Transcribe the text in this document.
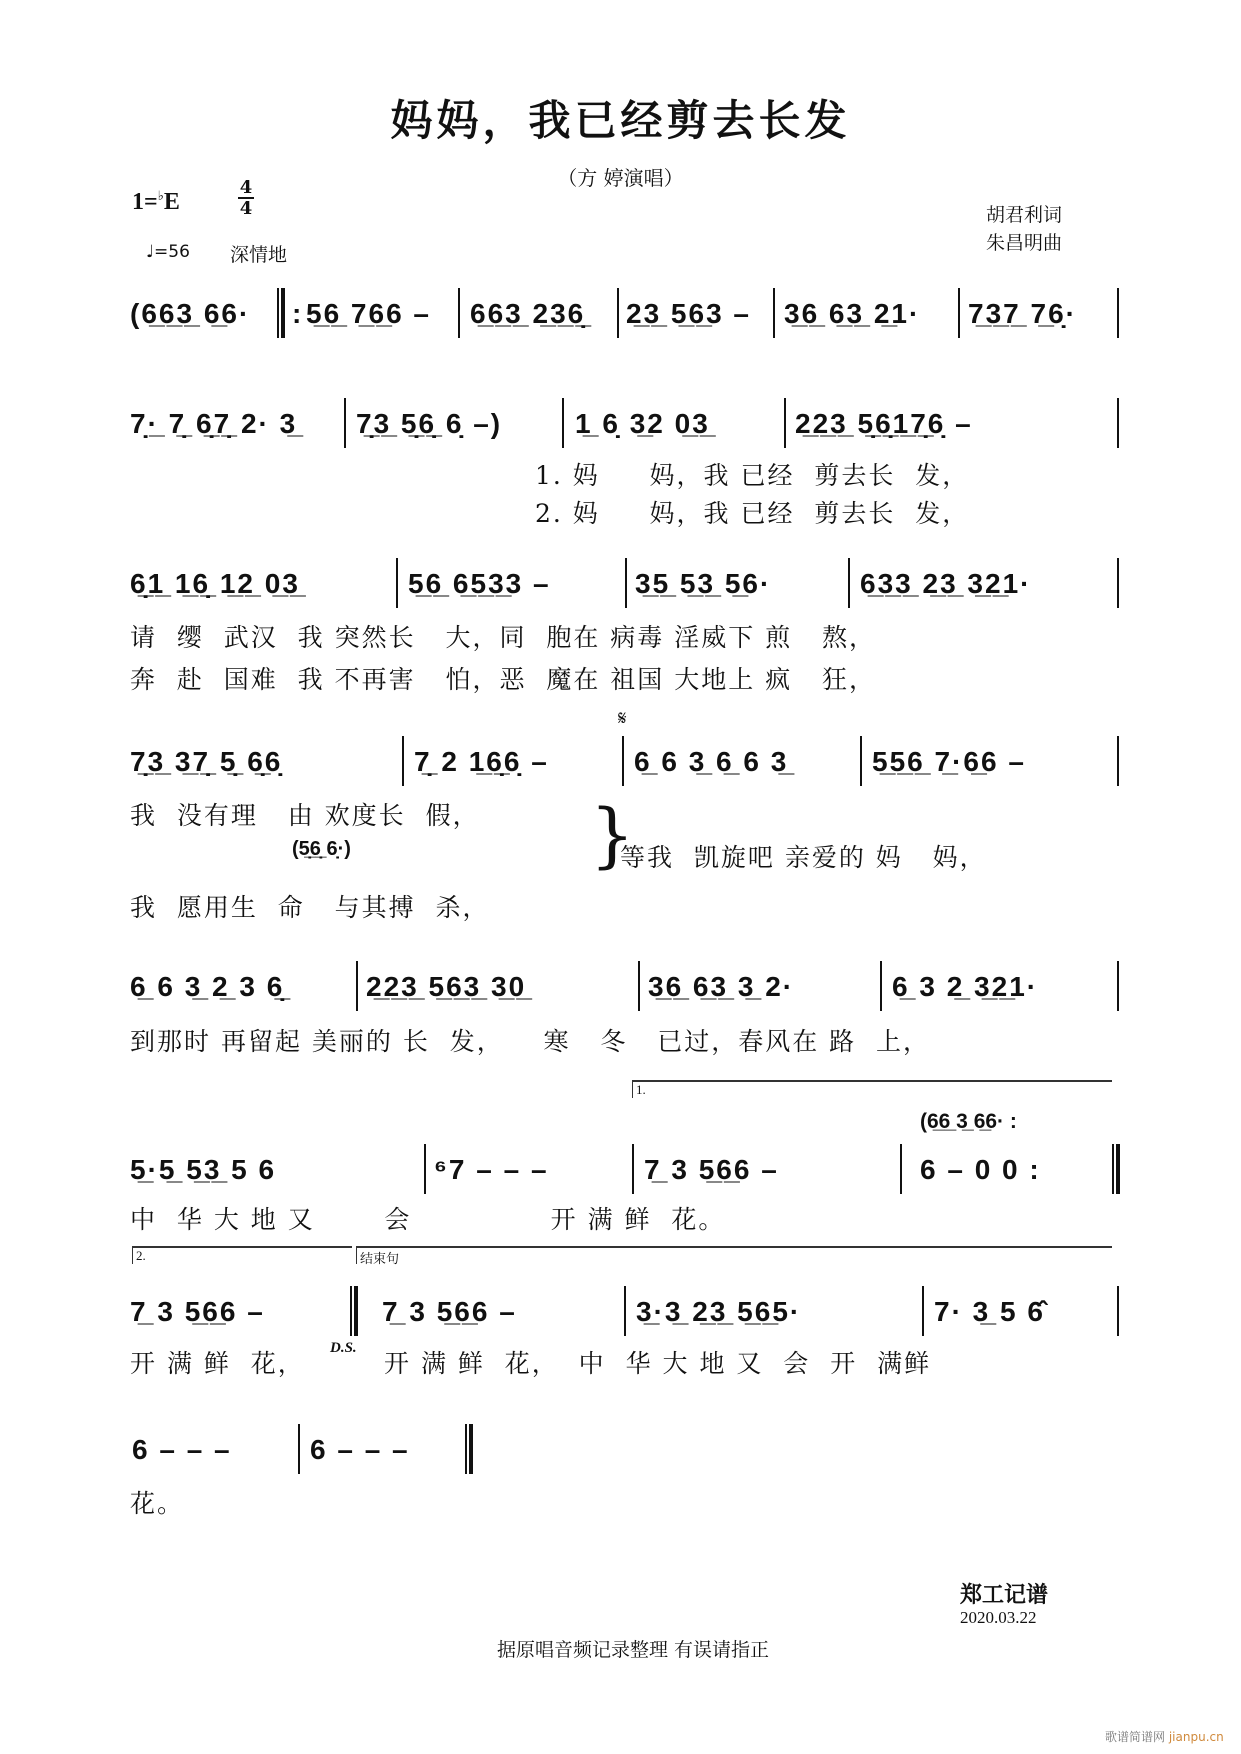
妈妈，我已经剪去长发
（方 婷演唱）
1=♭E
4
4
♩=56 深情地
胡君利词
朱昌明曲
(6̲6̲3̲ 6̲6· : 5̲6̲ 7̲6̲6 – 6̲6̲3̲ 2̲3̲6̣̲ 2̲3̲ 5̲6̲3 – 3̲6̲ 6̲3̲ 2̲1· 7̲3̲7̲ 7̲6̣·
7̣·̲ 7̣̲ 6̣̲7̣̲ 2· 3̲ 7̣̲3̲ 5̣̲6̣̲ 6̣ –)	1̲ 6̣ 3̲2 0̲3̲	2̲2̲3̲ 5̣̲6̣̲1̲7̣̲6̣ –
1. 妈     妈，我 已经  剪去长  发，
2. 妈     妈，我 已经  剪去长  发，
6̣̲1̲ 1̲6̣̲ 1̲2̲ 0̲3̲	5̲6̲ 6̲5̲3̲3 –	3̲5̲ 5̲3̲ 5̲6·	6̲3̲3̲ 2̲3̲ 3̲2̲1·
请  缨  武汉  我 突然长   大，同  胞在 病毒 淫威下 煎   熬，
奔  赴  国难  我 不再害   怕，恶  魔在 祖国 大地上 疯   狂，
𝄋
7̣̲3̲ 3̲7̣̲ 5̣̲ 6̣̲6̣	7̣̲ 2 1̲6̣̲6̣ –	6̲ 6 3̲ 6̲ 6 3̲	5̲5̲6̲ 7̲·6̲6 –
我  没有理   由 欢度长  假，
(5̣̲6̣̲ 6̣·)
我  愿用生  命   与其搏  杀，
}
等我  凯旋吧 亲爱的 妈   妈，
6̲ 6 3̲ 2̲ 3 6̣̲	2̲2̲3̲ 5̲6̲3̲ 3̲0̲	3̲6̲ 6̲3̲ 3̲ 2·	6̲ 3 2̲ 3̲2̲1·
到那时 再留起 美丽的 长  发，    寒   冬   已过，春风在 路  上，
1.
(6̲6̲ 3̲ 6̲6· :
5̲·5̲ 5̲3̲ 5 6	⁶7 – – –	7̲ 3 5̲6̲6 –	6 – 0 0 :
中  华 大 地 又       会              开 满 鲜  花。
2.	结束句
7̲ 3 5̲6̲6 –	7̲ 3 5̲6̲6 –	3̲·3̲ 2̲3̲ 5̲6̲5·	7· 3̲ 5 6̂
开 满 鲜  花，
D.S.
开 满 鲜  花，  中  华 大 地 又  会  开  满鲜
6 – – –	6 – – –
花。
据原唱音频记录整理 有误请指正
郑工记谱
2020.03.22
歌谱简谱网 jianpu.cn
